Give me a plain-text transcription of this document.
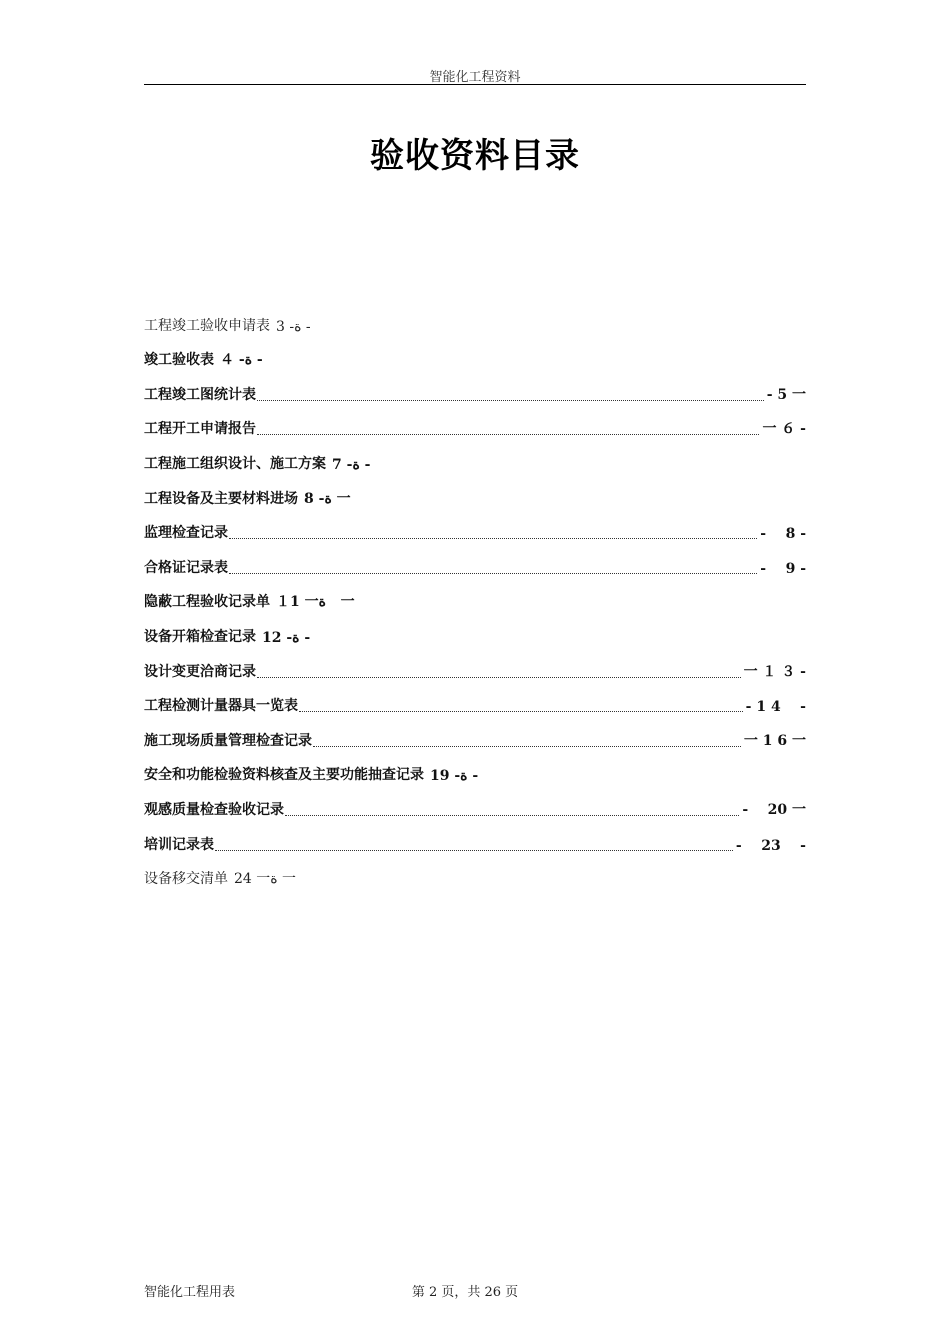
智能化工程资料
验收资料目录
工程竣工验收申请表 3 -ة -
竣工验收表 ４ -ة -
工程竣工图统计表	- 5 一
工程开工申请报告	一 ６ -
工程施工组织设计、施工方案 7 -ة -
工程设备及主要材料进场 8 -ة 一
监理检查记录	-    8 -
合格证记录表	-    9 -
隐蔽工程验收记录单 １1 一ة   一
设备开箱检查记录 12 -ة -
设计变更洽商记录	一 １ ３ -
工程检测计量器具一览表	- 1 4    -
施工现场质量管理检查记录	一 1 6 一
安全和功能检验资料核查及主要功能抽查记录 19 -ة -
观感质量检查验收记录	-    20 一
培训记录表	-    23    -
设备移交清单 24 一ة 一
智能化工程用表	第 2 页，共 26 页
